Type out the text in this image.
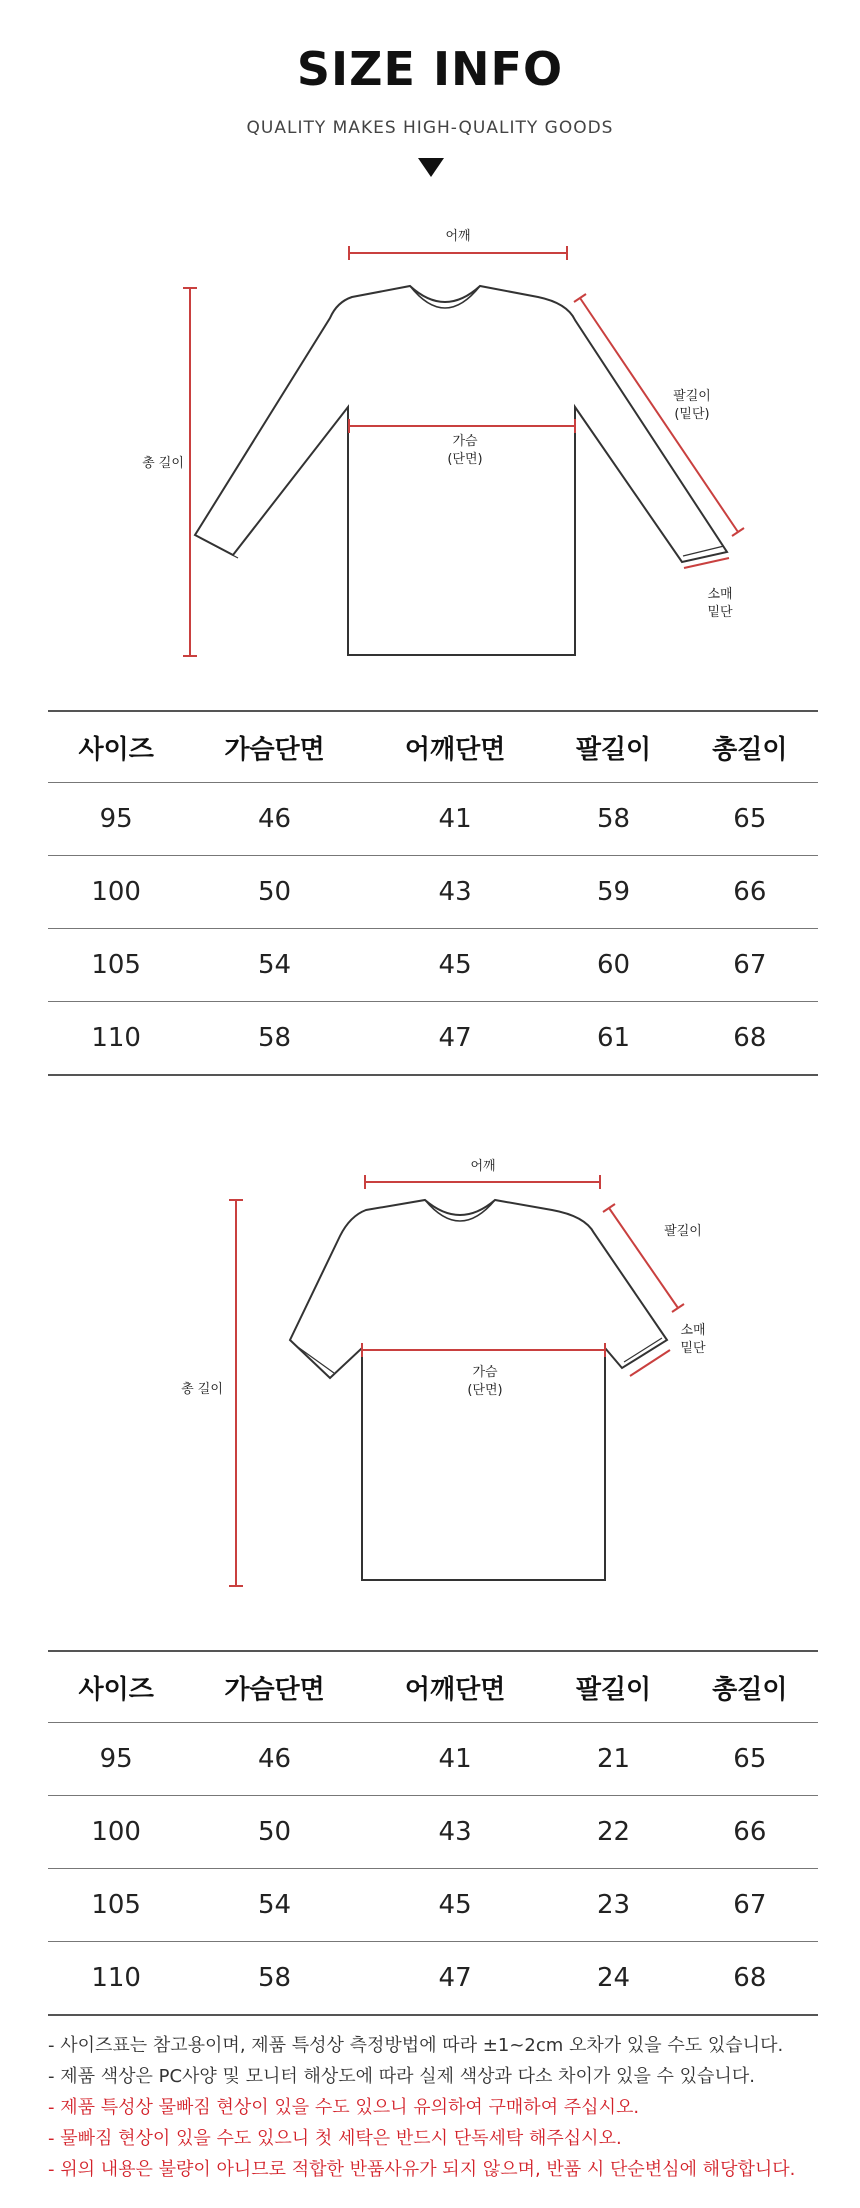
SIZE INFO
QUALITY MAKES HIGH-QUALITY GOODS
어깨
가슴
(단면)
총 길이
팔길이
(밑단)
소매
밑단
사이즈	가슴단면	어깨단면	팔길이	총길이
95	46	41	58	65
100	50	43	59	66
105	54	45	60	67
110	58	47	61	68
어깨
가슴
(단면)
총 길이
팔길이
소매
밑단
사이즈	가슴단면	어깨단면	팔길이	총길이
95	46	41	21	65
100	50	43	22	66
105	54	45	23	67
110	58	47	24	68
- 사이즈표는 참고용이며, 제품 특성상 측정방법에 따라 ±1~2cm 오차가 있을 수도 있습니다.
- 제품 색상은 PC사양 및 모니터 해상도에 따라 실제 색상과 다소 차이가 있을 수 있습니다.
- 제품 특성상 물빠짐 현상이 있을 수도 있으니 유의하여 구매하여 주십시오.
- 물빠짐 현상이 있을 수도 있으니 첫 세탁은 반드시 단독세탁 해주십시오.
- 위의 내용은 불량이 아니므로 적합한 반품사유가 되지 않으며, 반품 시 단순변심에 해당합니다.
